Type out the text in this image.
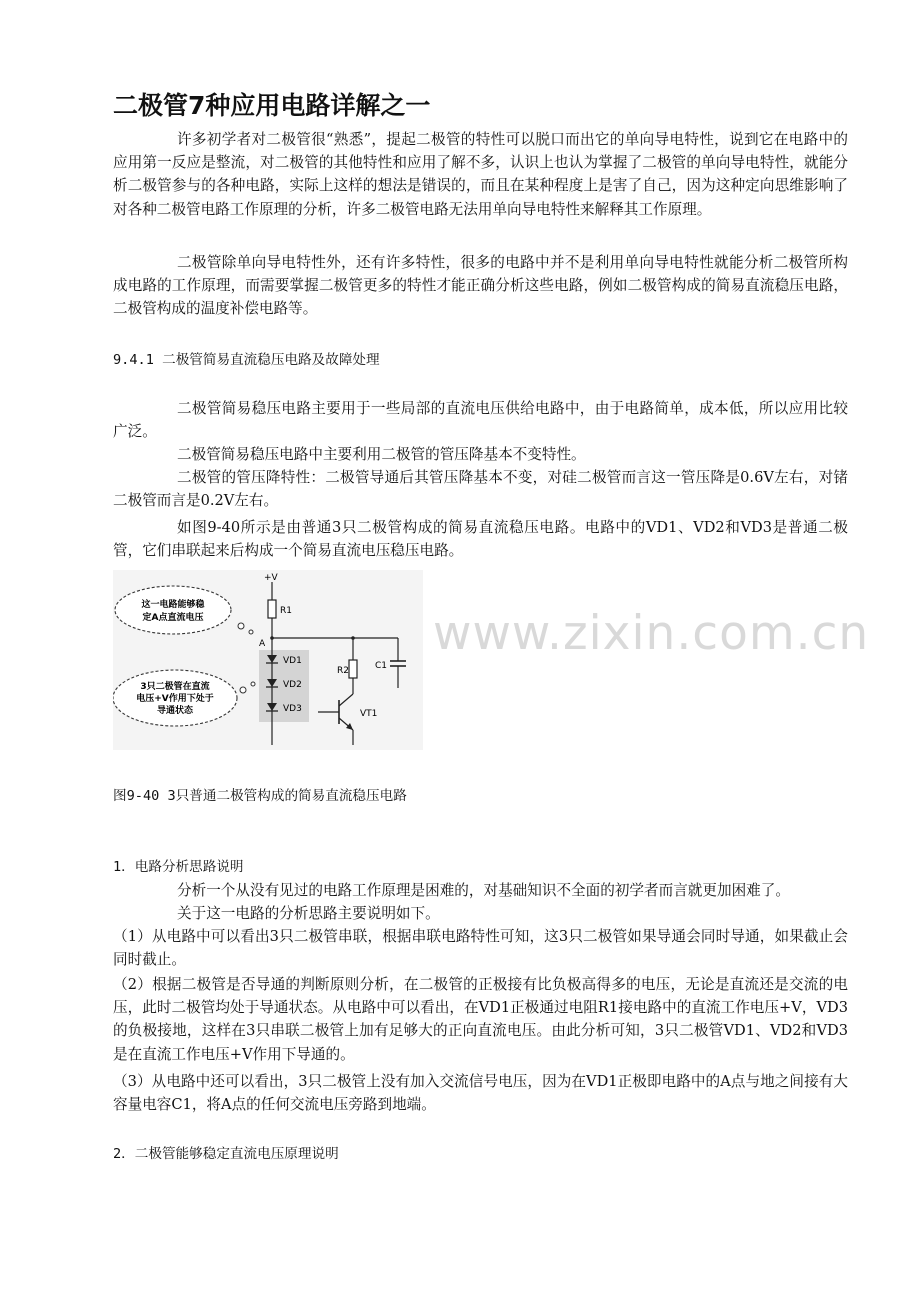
二极管7种应用电路详解之一

许多初学者对二极管很“熟悉”，提起二极管的特性可以脱口而出它的单向导电特性，说到它在电路中的应用第一反应是整流，对二极管的其他特性和应用了解不多，认识上也认为掌握了二极管的单向导电特性，就能分析二极管参与的各种电路，实际上这样的想法是错误的，而且在某种程度上是害了自己，因为这种定向思维影响了对各种二极管电路工作原理的分析，许多二极管电路无法用单向导电特性来解释其工作原理。

二极管除单向导电特性外，还有许多特性，很多的电路中并不是利用单向导电特性就能分析二极管所构成电路的工作原理，而需要掌握二极管更多的特性才能正确分析这些电路，例如二极管构成的简易直流稳压电路，二极管构成的温度补偿电路等。

9.4.1 二极管简易直流稳压电路及故障处理

二极管简易稳压电路主要用于一些局部的直流电压供给电路中，由于电路简单，成本低，所以应用比较广泛。

二极管简易稳压电路中主要利用二极管的管压降基本不变特性。

二极管的管压降特性：二极管导通后其管压降基本不变，对硅二极管而言这一管压降是0.6V左右，对锗二极管而言是0.2V左右。

如图9-40所示是由普通3只二极管构成的简易直流稳压电路。电路中的VD1、VD2和VD3是普通二极管，它们串联起来后构成一个简易直流电压稳压电路。

+V
R1
A
VD1
VD2
VD3
R2	C1
VT1
这一电路能够稳
定A点直流电压
3只二极管在直流
电压+V作用下处于
导通状态
www.zixin.com.cn

图9-40 3只普通二极管构成的简易直流稳压电路

1．电路分析思路说明

分析一个从没有见过的电路工作原理是困难的，对基础知识不全面的初学者而言就更加困难了。

关于这一电路的分析思路主要说明如下。

（1）从电路中可以看出3只二极管串联，根据串联电路特性可知，这3只二极管如果导通会同时导通，如果截止会同时截止。

（2）根据二极管是否导通的判断原则分析，在二极管的正极接有比负极高得多的电压，无论是直流还是交流的电压，此时二极管均处于导通状态。从电路中可以看出，在VD1正极通过电阻R1接电路中的直流工作电压+V，VD3的负极接地，这样在3只串联二极管上加有足够大的正向直流电压。由此分析可知，3只二极管VD1、VD2和VD3是在直流工作电压+V作用下导通的。

（3）从电路中还可以看出，3只二极管上没有加入交流信号电压，因为在VD1正极即电路中的A点与地之间接有大容量电容C1，将A点的任何交流电压旁路到地端。

2．二极管能够稳定直流电压原理说明
